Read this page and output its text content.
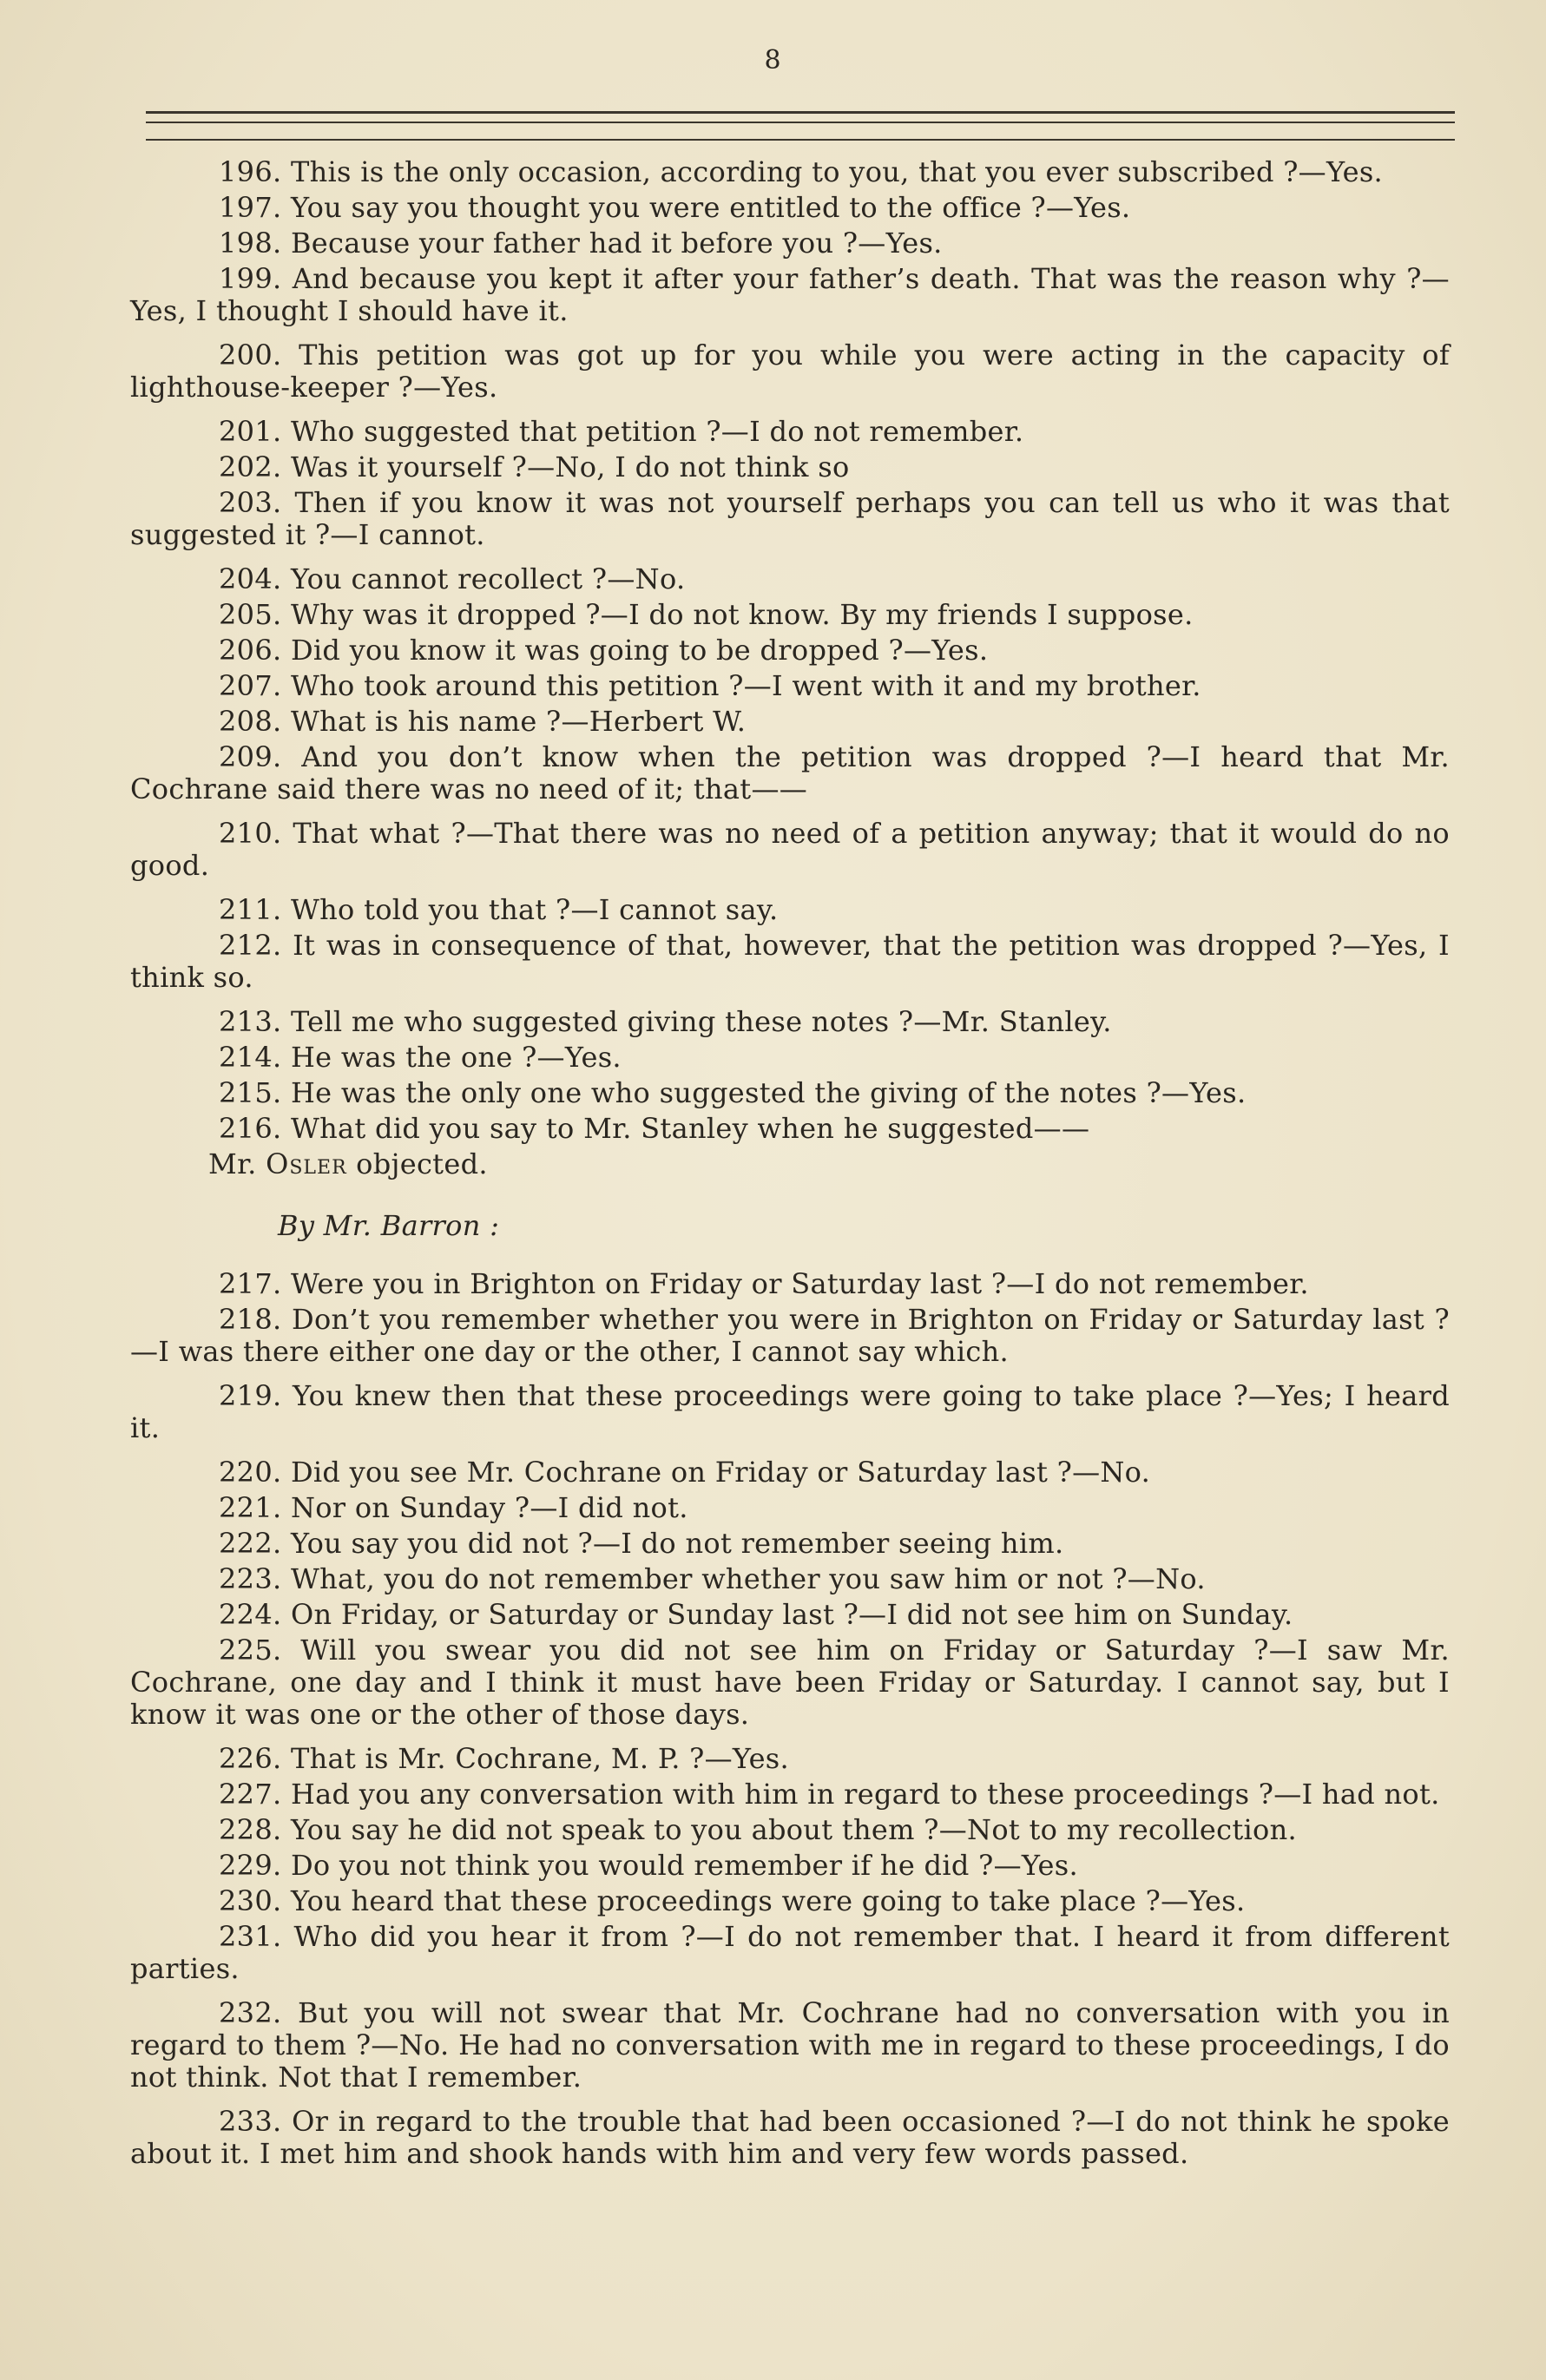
8

196. This is the only occasion, according to you, that you ever subscribed ?—Yes.

197. You say you thought you were entitled to the office ?—Yes.

198. Because your father had it before you ?—Yes.

199. And because you kept it after your father’s death. That was the reason why ?—Yes, I thought I should have it.

200. This petition was got up for you while you were acting in the capacity of lighthouse-keeper ?—Yes.

201. Who suggested that petition ?—I do not remember.

202. Was it yourself ?—No, I do not think so

203. Then if you know it was not yourself perhaps you can tell us who it was that suggested it ?—I cannot.

204. You cannot recollect ?—No.

205. Why was it dropped ?—I do not know. By my friends I suppose.

206. Did you know it was going to be dropped ?—Yes.

207. Who took around this petition ?—I went with it and my brother.

208. What is his name ?—Herbert W.

209. And you don’t know when the petition was dropped ?—I heard that Mr. Cochrane said there was no need of it; that——

210. That what ?—That there was no need of a petition anyway; that it would do no good.

211. Who told you that ?—I cannot say.

212. It was in consequence of that, however, that the petition was dropped ?—Yes, I think so.

213. Tell me who suggested giving these notes ?—Mr. Stanley.

214. He was the one ?—Yes.

215. He was the only one who suggested the giving of the notes ?—Yes.

216. What did you say to Mr. Stanley when he suggested——

Mr. Osler objected.

By Mr. Barron :

217. Were you in Brighton on Friday or Saturday last ?—I do not remember.

218. Don’t you remember whether you were in Brighton on Friday or Saturday last ?—I was there either one day or the other, I cannot say which.

219. You knew then that these proceedings were going to take place ?—Yes; I heard it.

220. Did you see Mr. Cochrane on Friday or Saturday last ?—No.

221. Nor on Sunday ?—I did not.

222. You say you did not ?—I do not remember seeing him.

223. What, you do not remember whether you saw him or not ?—No.

224. On Friday, or Saturday or Sunday last ?—I did not see him on Sunday.

225. Will you swear you did not see him on Friday or Saturday ?—I saw Mr. Cochrane, one day and I think it must have been Friday or Saturday. I cannot say, but I know it was one or the other of those days.

226. That is Mr. Cochrane, M. P. ?—Yes.

227. Had you any conversation with him in regard to these proceedings ?—I had not.

228. You say he did not speak to you about them ?—Not to my recollection.

229. Do you not think you would remember if he did ?—Yes.

230. You heard that these proceedings were going to take place ?—Yes.

231. Who did you hear it from ?—I do not remember that. I heard it from different parties.

232. But you will not swear that Mr. Cochrane had no conversation with you in regard to them ?—No. He had no conversation with me in regard to these proceedings, I do not think. Not that I remember.

233. Or in regard to the trouble that had been occasioned ?—I do not think he spoke about it. I met him and shook hands with him and very few words passed.
